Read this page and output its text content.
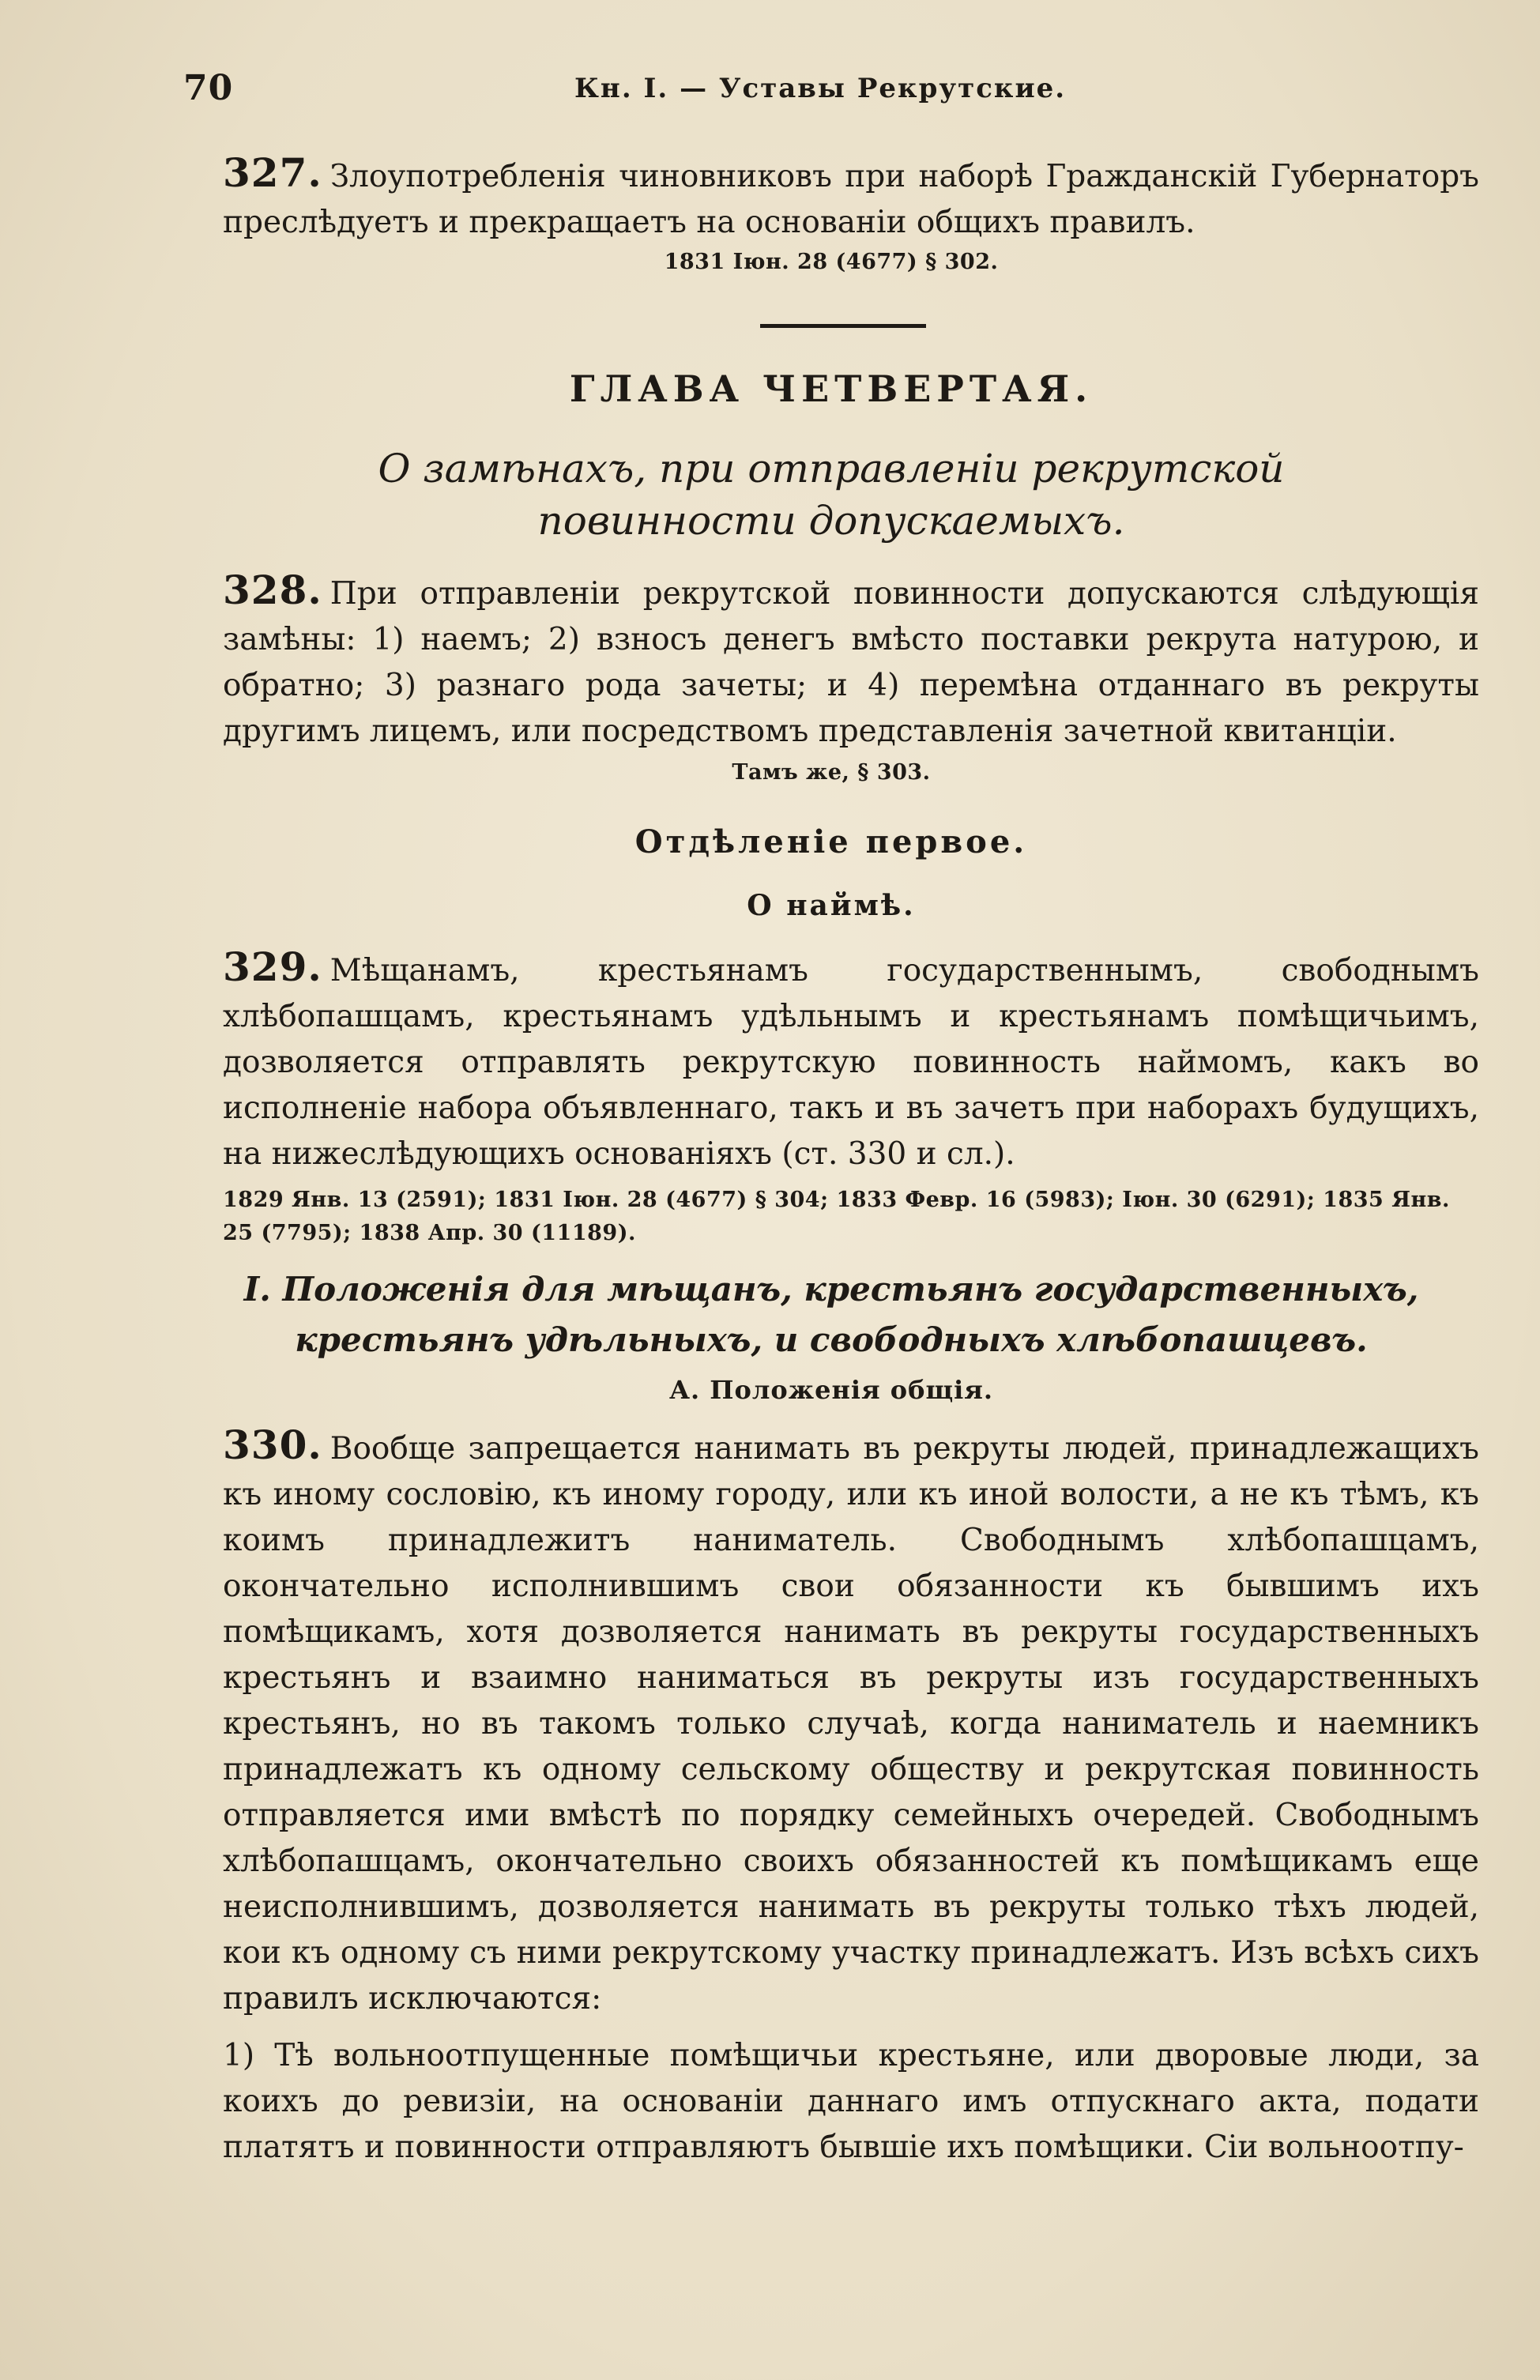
70	Кн. I. — Уставы Рекрутские.

327. Злоупотребленія чиновниковъ при наборѣ Гражданскій Губернаторъ преслѣдуетъ и прекращаетъ на основаніи общихъ правилъ.

1831 Іюн. 28 (4677) § 302.

ГЛАВА ЧЕТВЕРТАЯ.
О замѣнахъ, при отправленіи рекрутской повинности допускаемыхъ.

328. При отправленіи рекрутской повинности допускаются слѣдующія замѣны: 1) наемъ; 2) взносъ денегъ вмѣсто поставки рекрута натурою, и обратно; 3) разнаго рода зачеты; и 4) перемѣна отданнаго въ рекруты другимъ лицемъ, или посредствомъ представленія зачетной квитанціи.

Тамъ же, § 303.

Отдѣленіе первое.
О наймѣ.

329. Мѣщанамъ, крестьянамъ государственнымъ, свободнымъ хлѣбопашцамъ, крестьянамъ удѣльнымъ и крестьянамъ помѣщичьимъ, дозволяется отправлять рекрутскую повинность наймомъ, какъ во исполненіе набора объявленнаго, такъ и въ зачетъ при наборахъ будущихъ, на нижеслѣдующихъ основаніяхъ (ст. 330 и сл.).

1829 Янв. 13 (2591); 1831 Іюн. 28 (4677) § 304; 1833 Февр. 16 (5983); Іюн. 30 (6291); 1835 Янв. 25 (7795); 1838 Апр. 30 (11189).

I. Положенія для мѣщанъ, крестьянъ государственныхъ, крестьянъ удѣльныхъ, и свободныхъ хлѣбопашцевъ.
А. Положенія общія.

330. Вообще запрещается нанимать въ рекруты людей, принадлежащихъ къ иному сословію, къ иному городу, или къ иной волости, а не къ тѣмъ, къ коимъ принадлежитъ наниматель. Свободнымъ хлѣбопашцамъ, окончательно исполнившимъ свои обязанности къ бывшимъ ихъ помѣщикамъ, хотя дозволяется нанимать въ рекруты государственныхъ крестьянъ и взаимно наниматься въ рекруты изъ государственныхъ крестьянъ, но въ такомъ только случаѣ, когда наниматель и наемникъ принадлежатъ къ одному сельскому обществу и рекрутская повинность отправляется ими вмѣстѣ по порядку семейныхъ очередей. Свободнымъ хлѣбопашцамъ, окончательно своихъ обязанностей къ помѣщикамъ еще неисполнившимъ, дозволяется нанимать въ рекруты только тѣхъ людей, кои къ одному съ ними рекрутскому участку принадлежатъ. Изъ всѣхъ сихъ правилъ исключаются:

1) Тѣ вольноотпущенные помѣщичьи крестьяне, или дворовые люди, за коихъ до ревизіи, на основаніи даннаго имъ отпускнаго акта, подати платятъ и повинности отправляютъ бывшіе ихъ помѣщики. Сіи вольноотпу-
